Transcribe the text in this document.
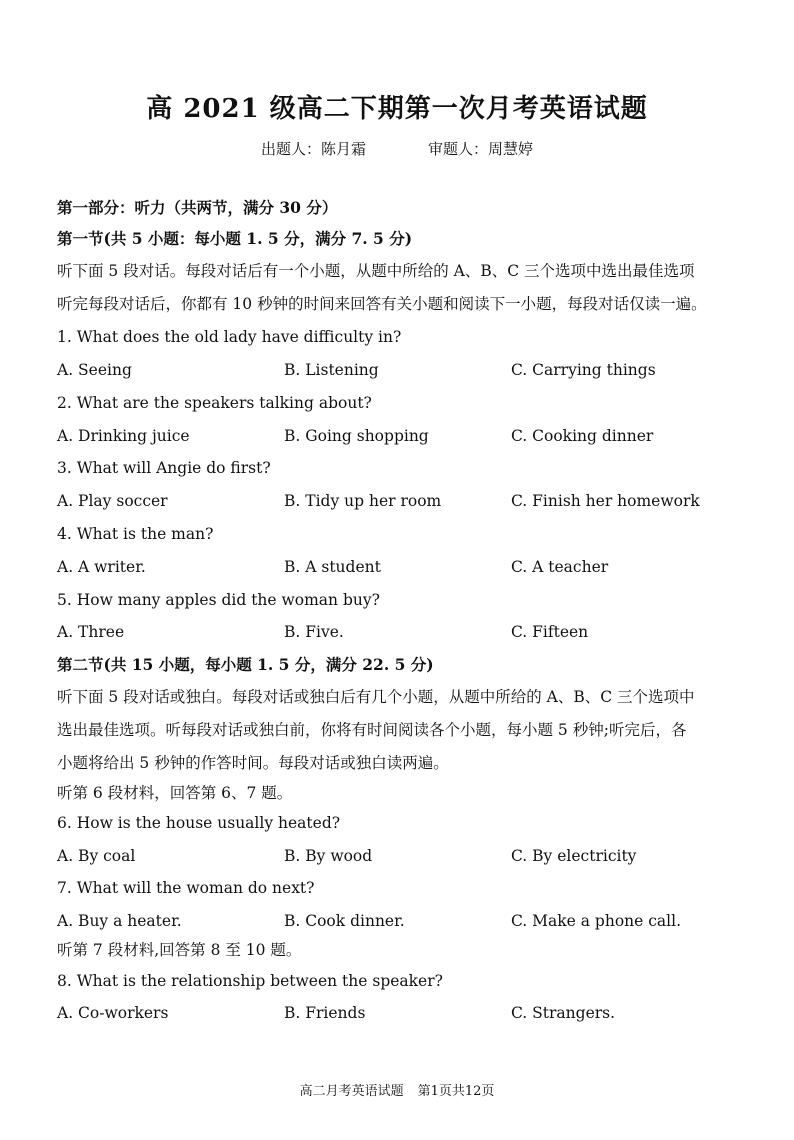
高 2021 级高二下期第一次月考英语试题
出题人：陈月霜	审题人：周慧婷
第一部分：听力（共两节，满分 30 分）
第一节(共 5 小题：每小题 1. 5 分，满分 7. 5 分)
听下面 5 段对话。每段对话后有一个小题，从题中所给的 A、B、C 三个选项中选出最佳选项
听完每段对话后，你都有 10 秒钟的时间来回答有关小题和阅读下一小题，每段对话仅读一遍。
1. What does the old lady have difficulty in?
A. Seeing	B. Listening	C. Carrying things
2. What are the speakers talking about?
A. Drinking juice	B. Going shopping	C. Cooking dinner
3. What will Angie do first?
A. Play soccer	B. Tidy up her room	C. Finish her homework
4. What is the man?
A. A writer.	B. A student	C. A teacher
5. How many apples did the woman buy?
A. Three	B. Five.	C. Fifteen
第二节(共 15 小题，每小题 1. 5 分，满分 22. 5 分)
听下面 5 段对话或独白。每段对话或独白后有几个小题，从题中所给的 A、B、C 三个选项中
选出最佳选项。听每段对话或独白前，你将有时间阅读各个小题，每小题 5 秒钟;听完后，各
小题将给出 5 秒钟的作答时间。每段对话或独白读两遍。
听第 6 段材料，回答第 6、7 题。
6. How is the house usually heated?
A. By coal	B. By wood	C. By electricity
7. What will the woman do next?
A. Buy a heater.	B. Cook dinner.	C. Make a phone call.
听第 7 段材料,回答第 8 至 10 题。
8. What is the relationship between the speaker?
A. Co-workers	B. Friends	C. Strangers.
高二月考英语试题 第1页共12页
